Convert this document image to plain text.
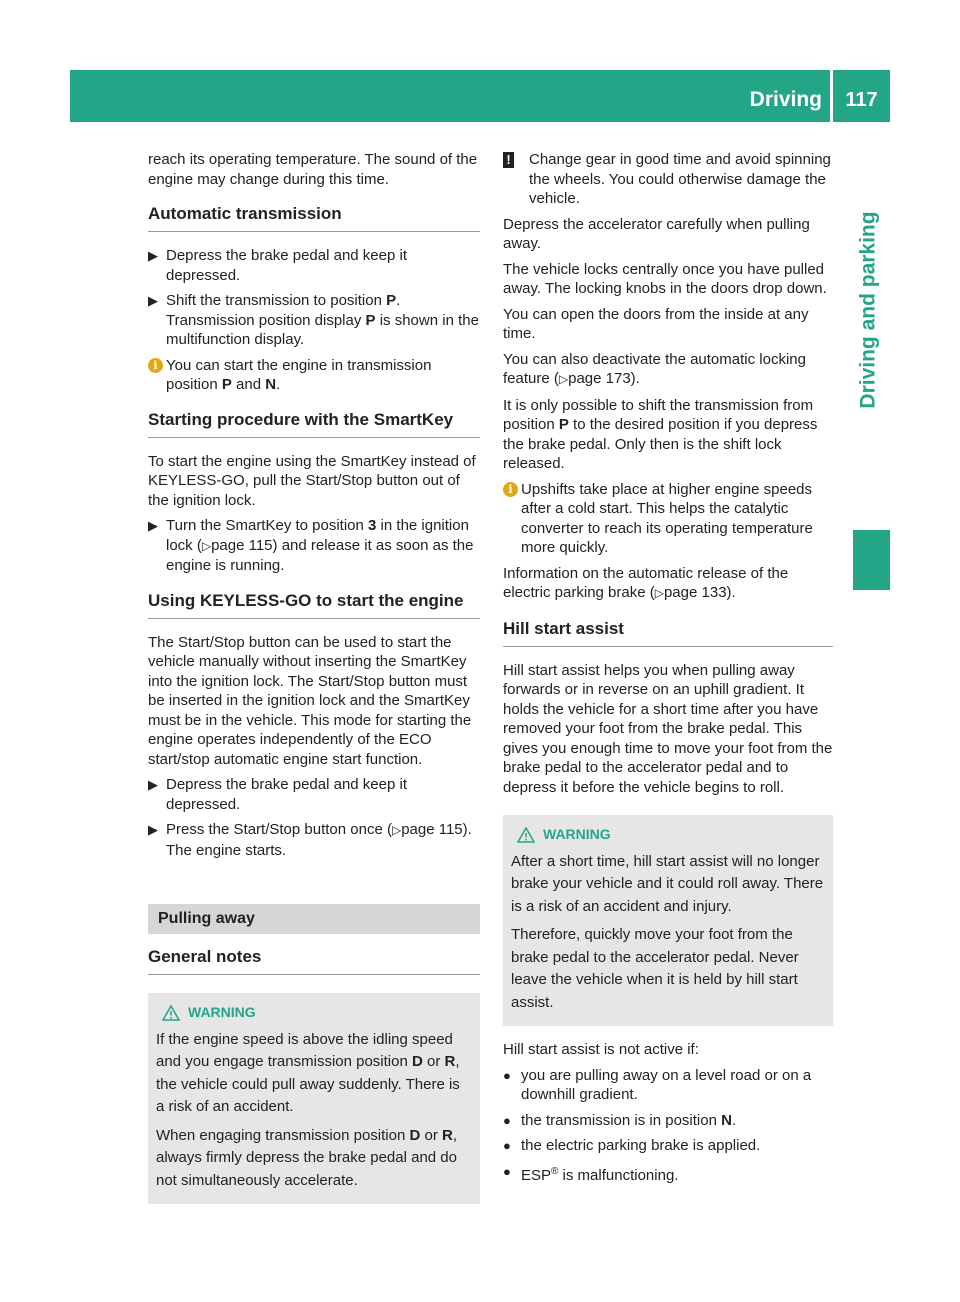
Driving	117
Driving and parking

reach its operating temperature. The sound of the engine may change during this time.

Automatic transmission
▶ Depress the brake pedal and keep it depressed.
▶ Shift the transmission to position P. Transmission position display P is shown in the multifunction display.
i You can start the engine in transmission position P and N.
Starting procedure with the SmartKey

To start the engine using the SmartKey instead of KEYLESS-GO, pull the Start/Stop button out of the ignition lock.

▶ Turn the SmartKey to position 3 in the ignition lock (▷page 115) and release it as soon as the engine is running.
Using KEYLESS-GO to start the engine

The Start/Stop button can be used to start the vehicle manually without inserting the SmartKey into the ignition lock. The Start/Stop button must be inserted in the ignition lock and the SmartKey must be in the vehicle. This mode for starting the engine operates independently of the ECO start/stop automatic engine start function.

▶ Depress the brake pedal and keep it depressed.
▶ Press the Start/Stop button once (▷page 115).
The engine starts.
Pulling away
General notes
WARNING

If the engine speed is above the idling speed and you engage transmission position D or R, the vehicle could pull away suddenly. There is a risk of an accident.

When engaging transmission position D or R, always firmly depress the brake pedal and do not simultaneously accelerate.

! Change gear in good time and avoid spinning the wheels. You could otherwise damage the vehicle.

Depress the accelerator carefully when pulling away.

The vehicle locks centrally once you have pulled away. The locking knobs in the doors drop down.

You can open the doors from the inside at any time.

You can also deactivate the automatic locking feature (▷page 173).

It is only possible to shift the transmission from position P to the desired position if you depress the brake pedal. Only then is the shift lock released.

i Upshifts take place at higher engine speeds after a cold start. This helps the catalytic converter to reach its operating temperature more quickly.

Information on the automatic release of the electric parking brake (▷page 133).

Hill start assist

Hill start assist helps you when pulling away forwards or in reverse on an uphill gradient. It holds the vehicle for a short time after you have removed your foot from the brake pedal. This gives you enough time to move your foot from the brake pedal to the accelerator pedal and to depress it before the vehicle begins to roll.

WARNING

After a short time, hill start assist will no longer brake your vehicle and it could roll away. There is a risk of an accident and injury.

Therefore, quickly move your foot from the brake pedal to the accelerator pedal. Never leave the vehicle when it is held by hill start assist.

Hill start assist is not active if:

● you are pulling away on a level road or on a downhill gradient.
● the transmission is in position N.
● the electric parking brake is applied.
● ESP® is malfunctioning.
